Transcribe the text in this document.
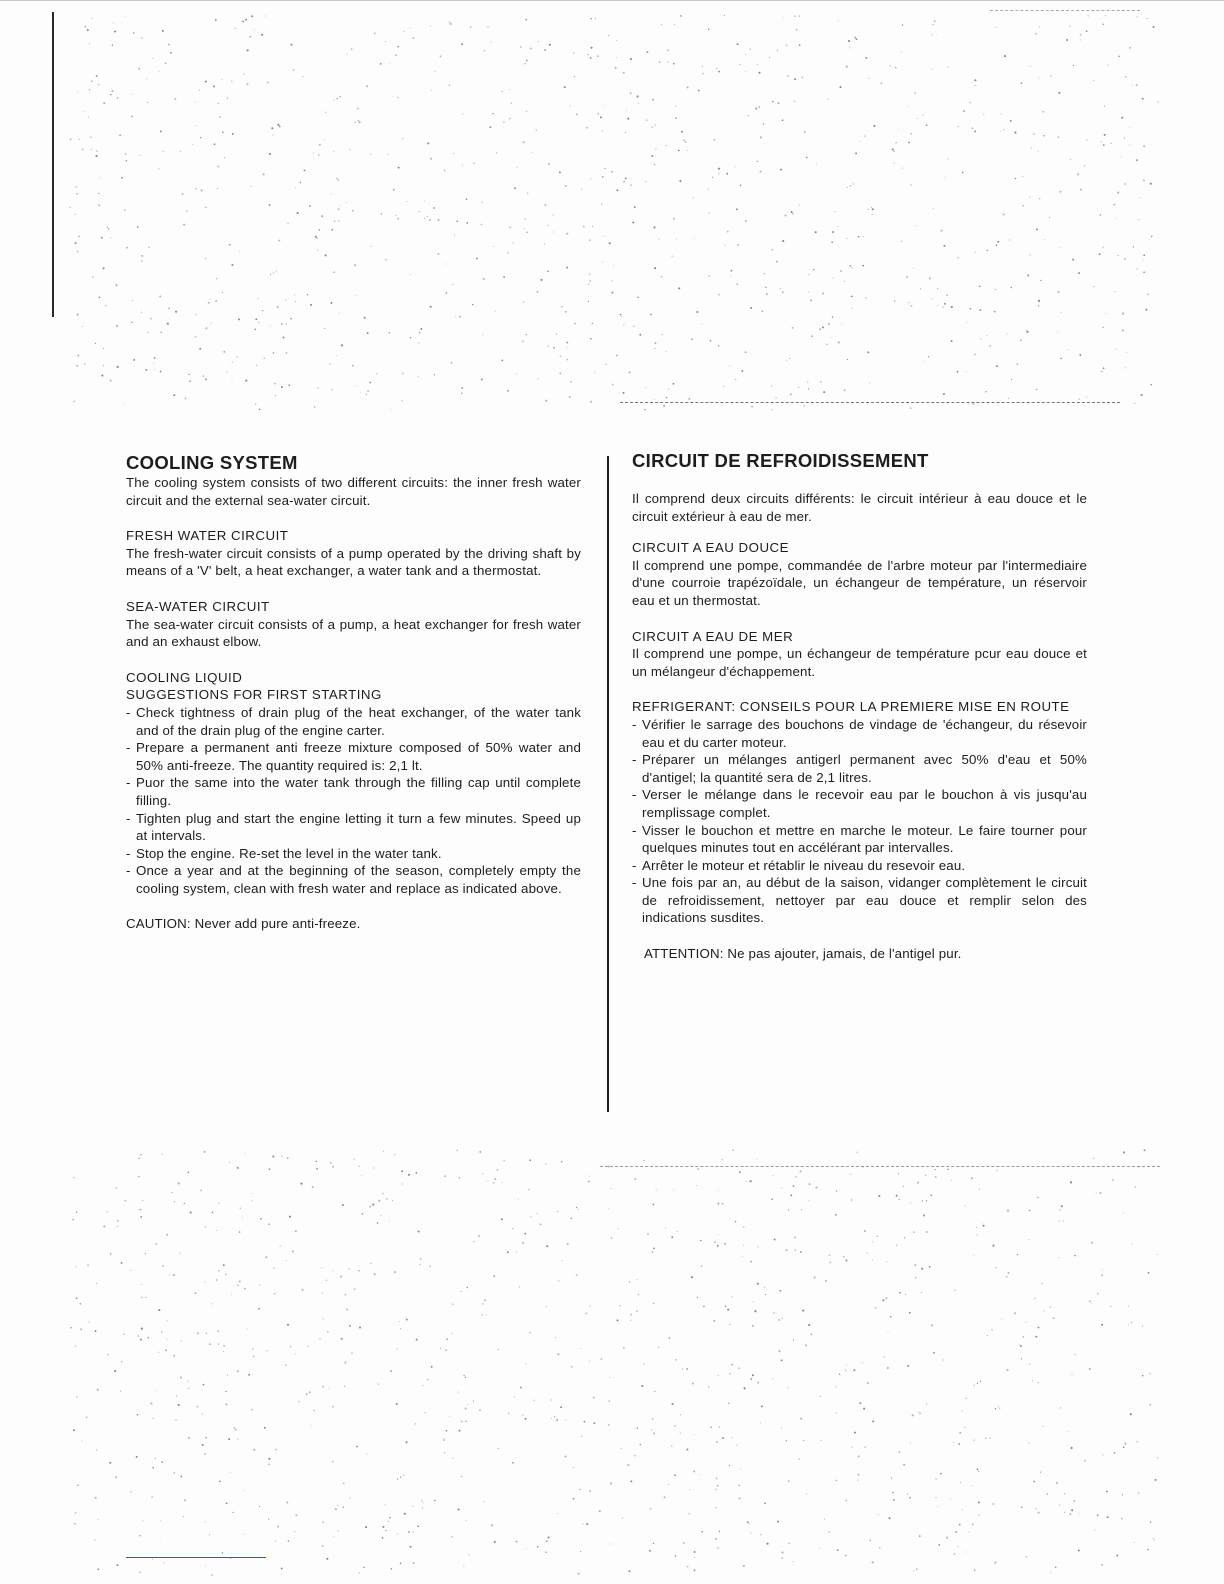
COOLING SYSTEM

The cooling system consists of two different circuits: the inner fresh water circuit and the external sea-water circuit.

FRESH WATER CIRCUIT

The fresh-water circuit consists of a pump operated by the driving shaft by means of a 'V' belt, a heat exchanger, a water tank and a thermostat.

SEA-WATER CIRCUIT

The sea-water circuit consists of a pump, a heat exchanger for fresh water and an exhaust elbow.

COOLING LIQUID

SUGGESTIONS FOR FIRST STARTING

- Check tightness of drain plug of the heat exchanger, of the water tank and of the drain plug of the engine carter.
- Prepare a permanent anti freeze mixture composed of 50% water and 50% anti-freeze. The quantity required is: 2,1 lt.
- Puor the same into the water tank through the filling cap until complete filling.
- Tighten plug and start the engine letting it turn a few minutes. Speed up at intervals.
- Stop the engine. Re-set the level in the water tank.
- Once a year and at the beginning of the season, completely empty the cooling system, clean with fresh water and replace as indicated above.

CAUTION: Never add pure anti-freeze.

CIRCUIT DE REFROIDISSEMENT

Il comprend deux circuits différents: le circuit intérieur à eau douce et le circuit extérieur à eau de mer.

CIRCUIT A EAU DOUCE

Il comprend une pompe, commandée de l'arbre moteur par l'intermediaire d'une courroie trapézoïdale, un échangeur de température, un réservoir eau et un thermostat.

CIRCUIT A EAU DE MER

Il comprend une pompe, un échangeur de température pcur eau douce et un mélangeur d'échappement.

REFRIGERANT: CONSEILS POUR LA PREMIERE MISE EN ROUTE

- Vérifier le sarrage des bouchons de vindage de 'échangeur, du résevoir eau et du carter moteur.
- Préparer un mélanges antigerl permanent avec 50% d'eau et 50% d'antigel; la quantité sera de 2,1 litres.
- Verser le mélange dans le recevoir eau par le bouchon à vis jusqu'au remplissage complet.
- Visser le bouchon et mettre en marche le moteur. Le faire tourner pour quelques minutes tout en accélérant par intervalles.
- Arrêter le moteur et rétablir le niveau du resevoir eau.
- Une fois par an, au début de la saison, vidanger complètement le circuit de refroidissement, nettoyer par eau douce et remplir selon des indications susdites.

ATTENTION: Ne pas ajouter, jamais, de l'antigel pur.
